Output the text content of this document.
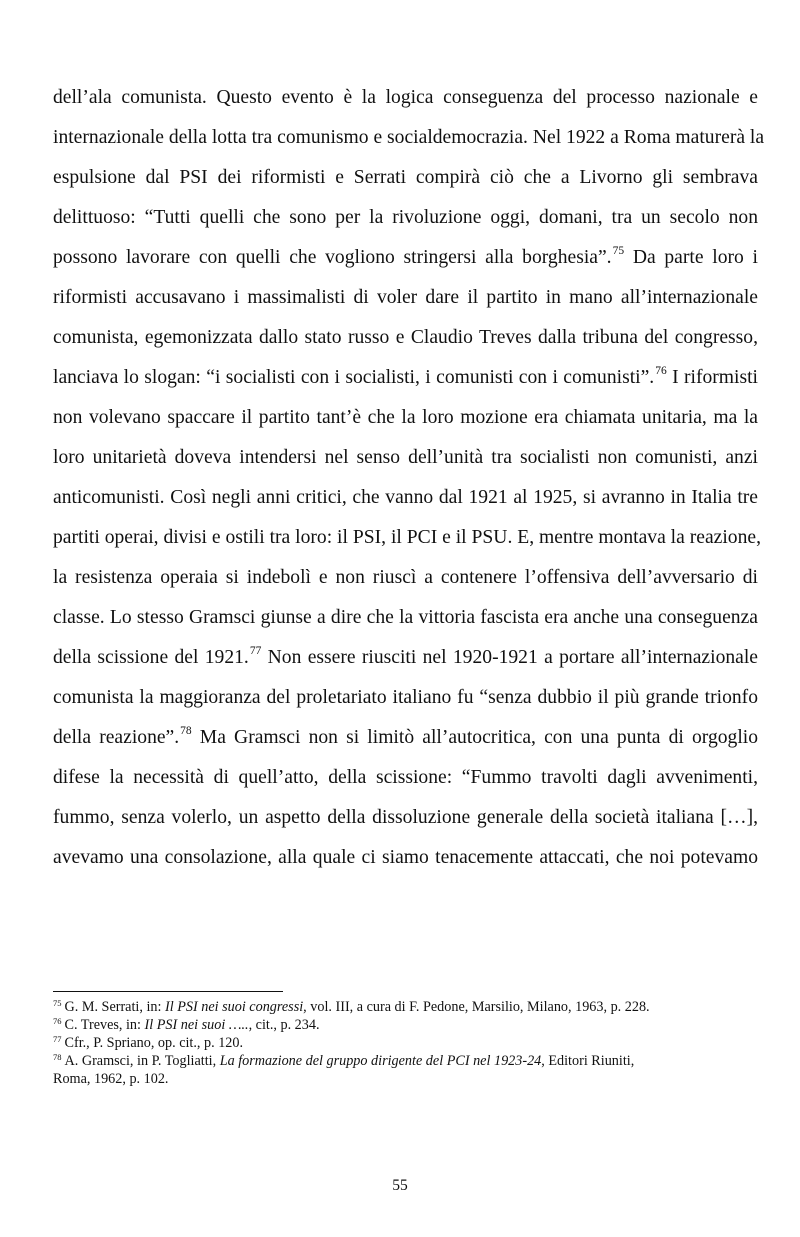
dell’ala comunista. Questo evento è la logica conseguenza del processo nazionale e
internazionale della lotta tra comunismo e socialdemocrazia. Nel 1922 a Roma maturerà la
espulsione dal PSI dei riformisti e Serrati compirà ciò che a Livorno gli sembrava
delittuoso: “Tutti quelli che sono per la rivoluzione oggi, domani, tra un secolo non
possono lavorare con quelli che vogliono stringersi alla borghesia”.$^{75}$ Da parte loro i
riformisti accusavano i massimalisti di voler dare il partito in mano all’internazionale
comunista, egemonizzata dallo stato russo e Claudio Treves dalla tribuna del congresso,
lanciava lo slogan: “i socialisti con i socialisti, i comunisti con i comunisti”.$^{76}$ I riformisti
non volevano spaccare il partito tant’è che la loro mozione era chiamata unitaria, ma la
loro unitarietà doveva intendersi nel senso dell’unità tra socialisti non comunisti, anzi
anticomunisti. Così negli anni critici, che vanno dal 1921 al 1925, si avranno in Italia tre
partiti operai, divisi e ostili tra loro: il PSI, il PCI e il PSU. E, mentre montava la reazione,
la resistenza operaia si indebolì e non riuscì a contenere l’offensiva dell’avversario di
classe. Lo stesso Gramsci giunse a dire che la vittoria fascista era anche una conseguenza
della scissione del 1921.77 Non essere riusciti nel 1920-1921 a portare all’internazionale
comunista la maggioranza del proletariato italiano fu “senza dubbio il più grande trionfo
della reazione”.$^{78}$ Ma Gramsci non si limitò all’autocritica, con una punta di orgoglio
difese la necessità di quell’atto, della scissione: “Fummo travolti dagli avvenimenti,
fummo, senza volerlo, un aspetto della dissoluzione generale della società italiana […],
avevamo una consolazione, alla quale ci siamo tenacemente attaccati, che noi potevamo
$^{75}$ G. M. Serrati, in: Il PSI nei suoi congressi, vol. III, a cura di F. Pedone, Marsilio, Milano, 1963, p. 228.
$^{76}$ C. Treves, in: Il PSI nei suoi ….., cit., p. 234.
$^{77}$ Cfr., P. Spriano, op. cit., p. 120.
$^{78}$ A. Gramsci, in P. Togliatti, La formazione del gruppo dirigente del PCI nel 1923-24, Editori Riuniti,
Roma, 1962, p. 102.
55
